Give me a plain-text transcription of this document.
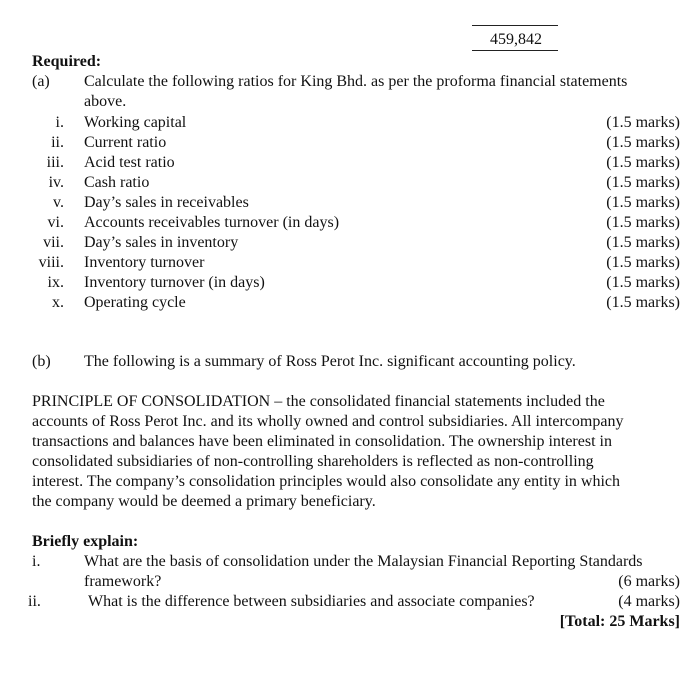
459,842
Required:
(a) Calculate the following ratios for King Bhd. as per the proforma financial statements
above.
i. Working capital	(1.5 marks)
ii. Current ratio	(1.5 marks)
iii. Acid test ratio	(1.5 marks)
iv. Cash ratio	(1.5 marks)
v. Day’s sales in receivables	(1.5 marks)
vi. Accounts receivables turnover (in days)	(1.5 marks)
vii. Day’s sales in inventory	(1.5 marks)
viii. Inventory turnover	(1.5 marks)
ix. Inventory turnover (in days)	(1.5 marks)
x. Operating cycle	(1.5 marks)
(b) The following is a summary of Ross Perot Inc. significant accounting policy.
PRINCIPLE OF CONSOLIDATION – the consolidated financial statements included the
accounts of Ross Perot Inc. and its wholly owned and control subsidiaries. All intercompany
transactions and balances have been eliminated in consolidation. The ownership interest in
consolidated subsidiaries of non-controlling shareholders is reflected as non-controlling
interest. The company’s consolidation principles would also consolidate any entity in which
the company would be deemed a primary beneficiary.
Briefly explain:
i.	What are the basis of consolidation under the Malaysian Financial Reporting Standards
framework?	(6 marks)
ii.	What is the difference between subsidiaries and associate companies?	(4 marks)
[Total: 25 Marks]
